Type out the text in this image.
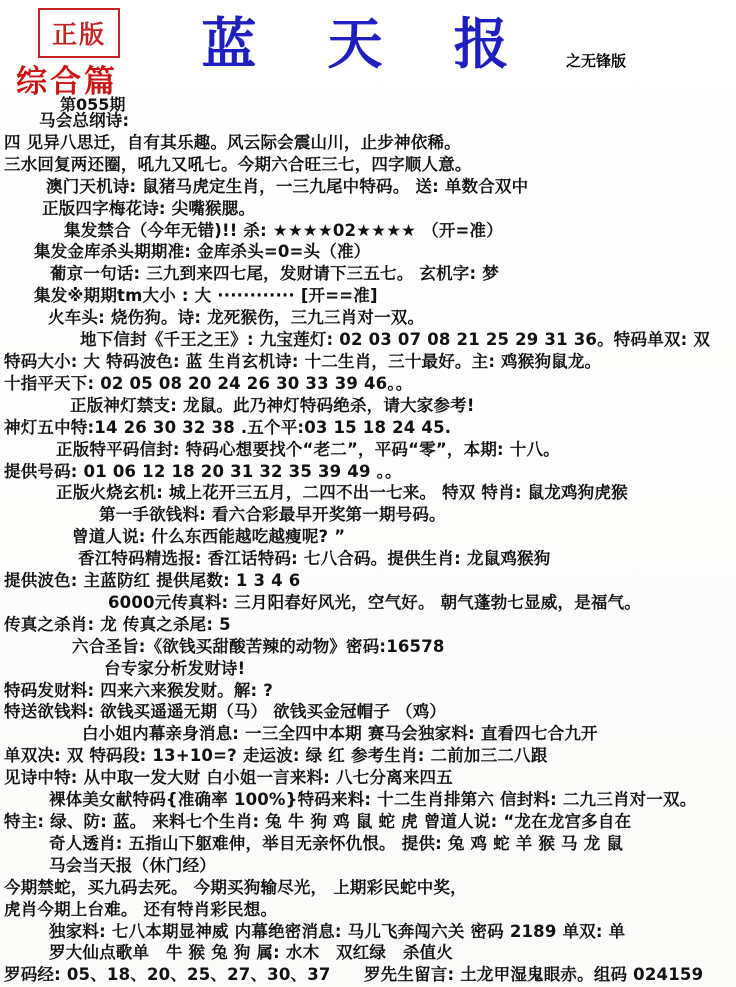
正版	蓝 天 报	之无锋版
综合篇
第055期
马会总纲诗:
四 见异八思迁，自有其乐趣。风云际会震山川，止步神依稀。
三水回复两还圈，吼九又吼七。今期六合旺三七，四字顺人意。
澳门天机诗: 鼠猪马虎定生肖，一三九尾中特码。 送: 单数合双中
正版四字梅花诗: 尖嘴猴腮。
集发禁合（今年无错)!! 杀: ★★★★02★★★★ （开=准）
集发金库杀头期期准: 金库杀头=0=头（准）
葡京一句话: 三九到来四七尾，发财请下三五七。 玄机字: 梦
集发※期期tm大小 : 大 ············ [开==准]
火车头: 烧伤狗。诗: 龙死猴伤，三九三肖对一双。
地下信封《千王之王》: 九宝莲灯: 02 03 07 08 21 25 29 31 36。特码单双: 双
特码大小: 大 特码波色: 蓝 生肖玄机诗: 十二生肖，三十最好。主: 鸡猴狗鼠龙。
十指平天下: 02 05 08 20 24 26 30 33 39 46。。
正版神灯禁支: 龙鼠。此乃神灯特码绝杀，请大家参考!
神灯五中特:14 26 30 32 38 .五个平:03 15 18 24 45.
正版特平码信封: 特码心想要找个“老二”，平码“零”，本期: 十八。
提供号码: 01 06 12 18 20 31 32 35 39 49 。。
正版火烧玄机: 城上花开三五月，二四不出一七来。 特双 特肖: 鼠龙鸡狗虎猴
第一手欲钱料: 看六合彩最早开奖第一期号码。
曾道人说: 什么东西能越吃越瘦呢? ”
香江特码精选报: 香江话特码: 七八合码。提供生肖: 龙鼠鸡猴狗
提供波色: 主蓝防红 提供尾数: 1 3 4 6
6000元传真料: 三月阳春好风光，空气好。 朝气蓬勃七显威，是福气。
传真之杀肖: 龙 传真之杀尾: 5
六合圣旨:《欲钱买甜酸苦辣的动物》密码:16578
台专家分析发财诗!
特码发财料: 四来六来猴发财。解: ?
特送欲钱料: 欲钱买遥遥无期（马） 欲钱买金冠帽子 （鸡）
白小姐内幕亲身消息: 一三全四中本期 赛马会独家料: 直看四七合九开
单双决: 双 特码段: 13+10=? 走运波: 绿 红 参考生肖: 二前加三二八跟
见诗中特: 从中取一发大财 白小姐一言来料: 八七分离来四五
裸体美女献特码{准确率 100%}特码来料: 十二生肖排第六 信封料: 二九三肖对一双。
特主: 绿、防: 蓝。 来料七个生肖: 兔 牛 狗 鸡 鼠 蛇 虎 曾道人说: “龙在龙宫多自在
奇人透肖: 五指山下躯难伸，举目无亲怀仇恨。 提供: 兔 鸡 蛇 羊 猴 马 龙 鼠
马会当天报（休门经）
今期禁蛇，买九码去死。 今期买狗输尽光， 上期彩民蛇中奖，
虎肖今期上台难。 还有特肖彩民想。
独家料: 七八本期显神威 内幕绝密消息: 马儿飞奔闯六关 密码 2189 单双: 单
罗大仙点歌单　牛 猴 兔 狗 属: 水木　双红绿　杀值火
罗码经: 05、18、20、25、27、30、37　　罗先生留言: 土龙甲湿鬼眼赤。组码 024159
